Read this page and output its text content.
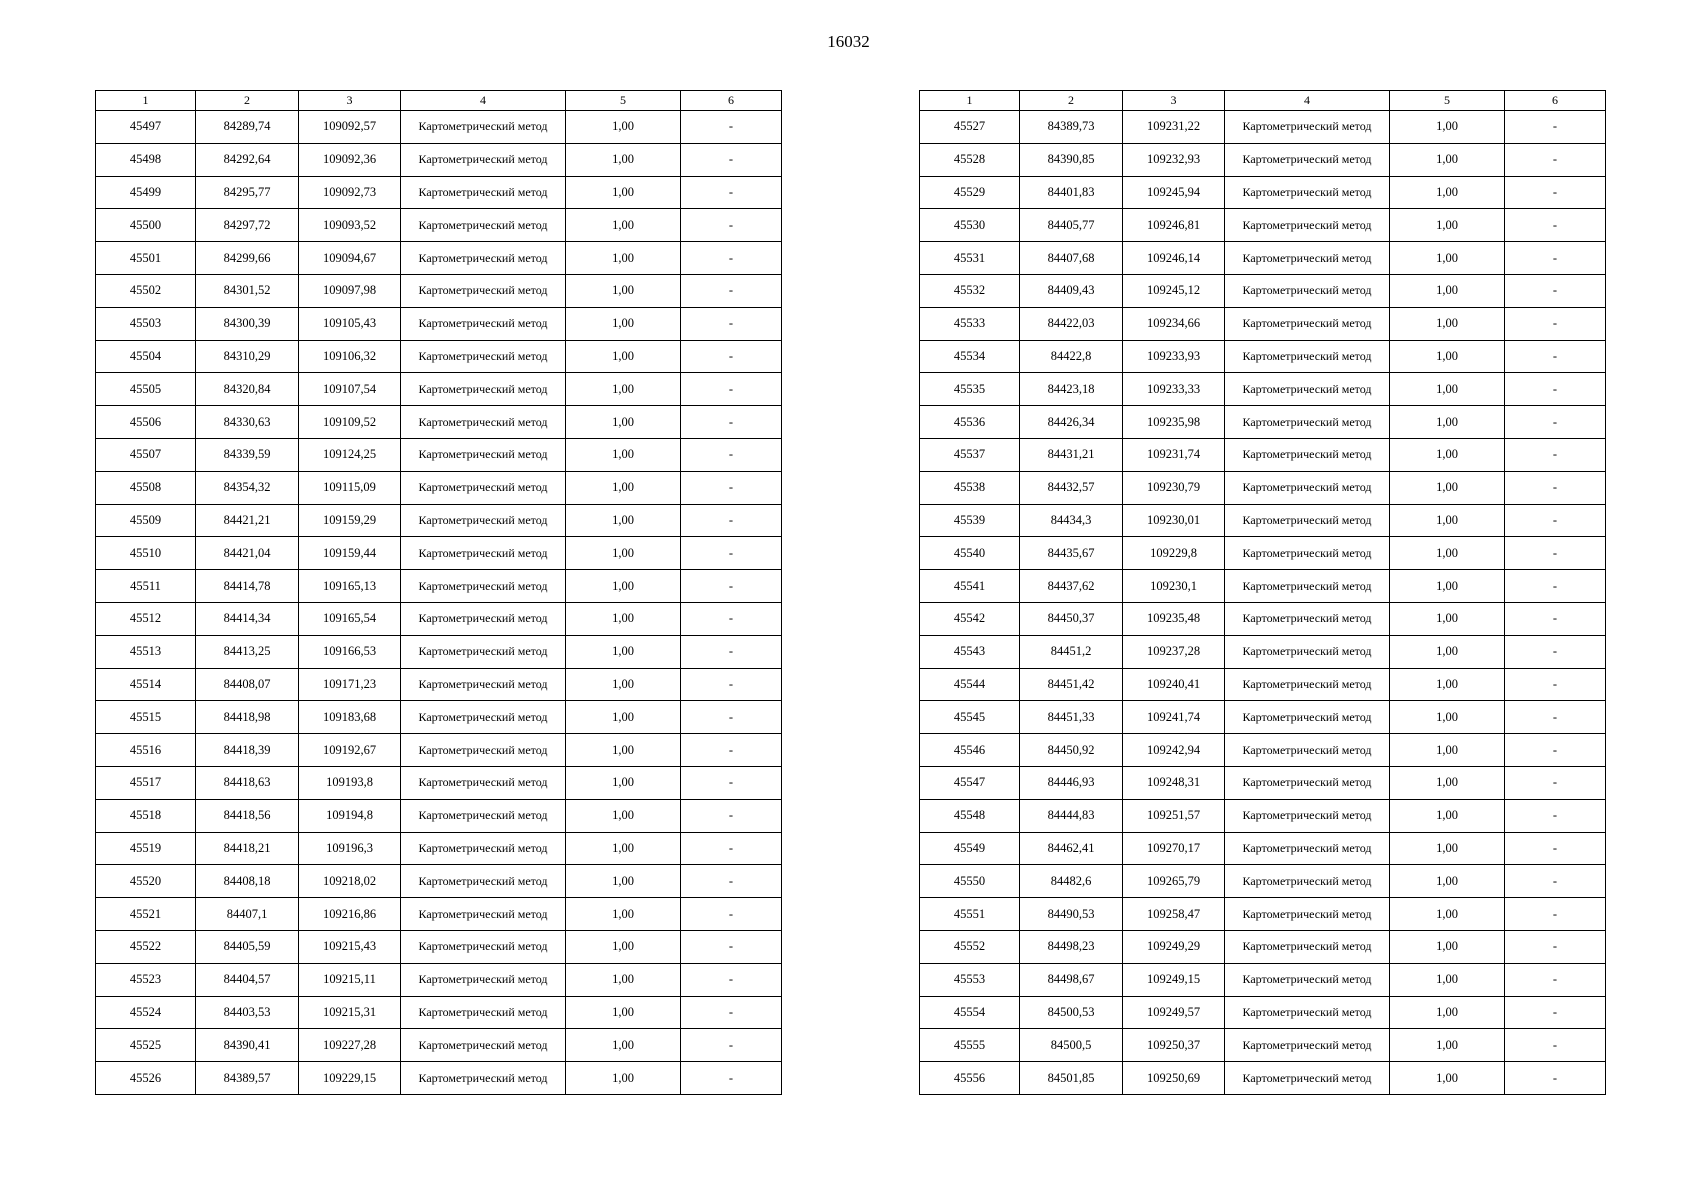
16032
1	2	3	4	5	6
45497	84289,74	109092,57	Картометрический метод	1,00	-
45498	84292,64	109092,36	Картометрический метод	1,00	-
45499	84295,77	109092,73	Картометрический метод	1,00	-
45500	84297,72	109093,52	Картометрический метод	1,00	-
45501	84299,66	109094,67	Картометрический метод	1,00	-
45502	84301,52	109097,98	Картометрический метод	1,00	-
45503	84300,39	109105,43	Картометрический метод	1,00	-
45504	84310,29	109106,32	Картометрический метод	1,00	-
45505	84320,84	109107,54	Картометрический метод	1,00	-
45506	84330,63	109109,52	Картометрический метод	1,00	-
45507	84339,59	109124,25	Картометрический метод	1,00	-
45508	84354,32	109115,09	Картометрический метод	1,00	-
45509	84421,21	109159,29	Картометрический метод	1,00	-
45510	84421,04	109159,44	Картометрический метод	1,00	-
45511	84414,78	109165,13	Картометрический метод	1,00	-
45512	84414,34	109165,54	Картометрический метод	1,00	-
45513	84413,25	109166,53	Картометрический метод	1,00	-
45514	84408,07	109171,23	Картометрический метод	1,00	-
45515	84418,98	109183,68	Картометрический метод	1,00	-
45516	84418,39	109192,67	Картометрический метод	1,00	-
45517	84418,63	109193,8	Картометрический метод	1,00	-
45518	84418,56	109194,8	Картометрический метод	1,00	-
45519	84418,21	109196,3	Картометрический метод	1,00	-
45520	84408,18	109218,02	Картометрический метод	1,00	-
45521	84407,1	109216,86	Картометрический метод	1,00	-
45522	84405,59	109215,43	Картометрический метод	1,00	-
45523	84404,57	109215,11	Картометрический метод	1,00	-
45524	84403,53	109215,31	Картометрический метод	1,00	-
45525	84390,41	109227,28	Картометрический метод	1,00	-
45526	84389,57	109229,15	Картометрический метод	1,00	-
1	2	3	4	5	6
45527	84389,73	109231,22	Картометрический метод	1,00	-
45528	84390,85	109232,93	Картометрический метод	1,00	-
45529	84401,83	109245,94	Картометрический метод	1,00	-
45530	84405,77	109246,81	Картометрический метод	1,00	-
45531	84407,68	109246,14	Картометрический метод	1,00	-
45532	84409,43	109245,12	Картометрический метод	1,00	-
45533	84422,03	109234,66	Картометрический метод	1,00	-
45534	84422,8	109233,93	Картометрический метод	1,00	-
45535	84423,18	109233,33	Картометрический метод	1,00	-
45536	84426,34	109235,98	Картометрический метод	1,00	-
45537	84431,21	109231,74	Картометрический метод	1,00	-
45538	84432,57	109230,79	Картометрический метод	1,00	-
45539	84434,3	109230,01	Картометрический метод	1,00	-
45540	84435,67	109229,8	Картометрический метод	1,00	-
45541	84437,62	109230,1	Картометрический метод	1,00	-
45542	84450,37	109235,48	Картометрический метод	1,00	-
45543	84451,2	109237,28	Картометрический метод	1,00	-
45544	84451,42	109240,41	Картометрический метод	1,00	-
45545	84451,33	109241,74	Картометрический метод	1,00	-
45546	84450,92	109242,94	Картометрический метод	1,00	-
45547	84446,93	109248,31	Картометрический метод	1,00	-
45548	84444,83	109251,57	Картометрический метод	1,00	-
45549	84462,41	109270,17	Картометрический метод	1,00	-
45550	84482,6	109265,79	Картометрический метод	1,00	-
45551	84490,53	109258,47	Картометрический метод	1,00	-
45552	84498,23	109249,29	Картометрический метод	1,00	-
45553	84498,67	109249,15	Картометрический метод	1,00	-
45554	84500,53	109249,57	Картометрический метод	1,00	-
45555	84500,5	109250,37	Картометрический метод	1,00	-
45556	84501,85	109250,69	Картометрический метод	1,00	-
